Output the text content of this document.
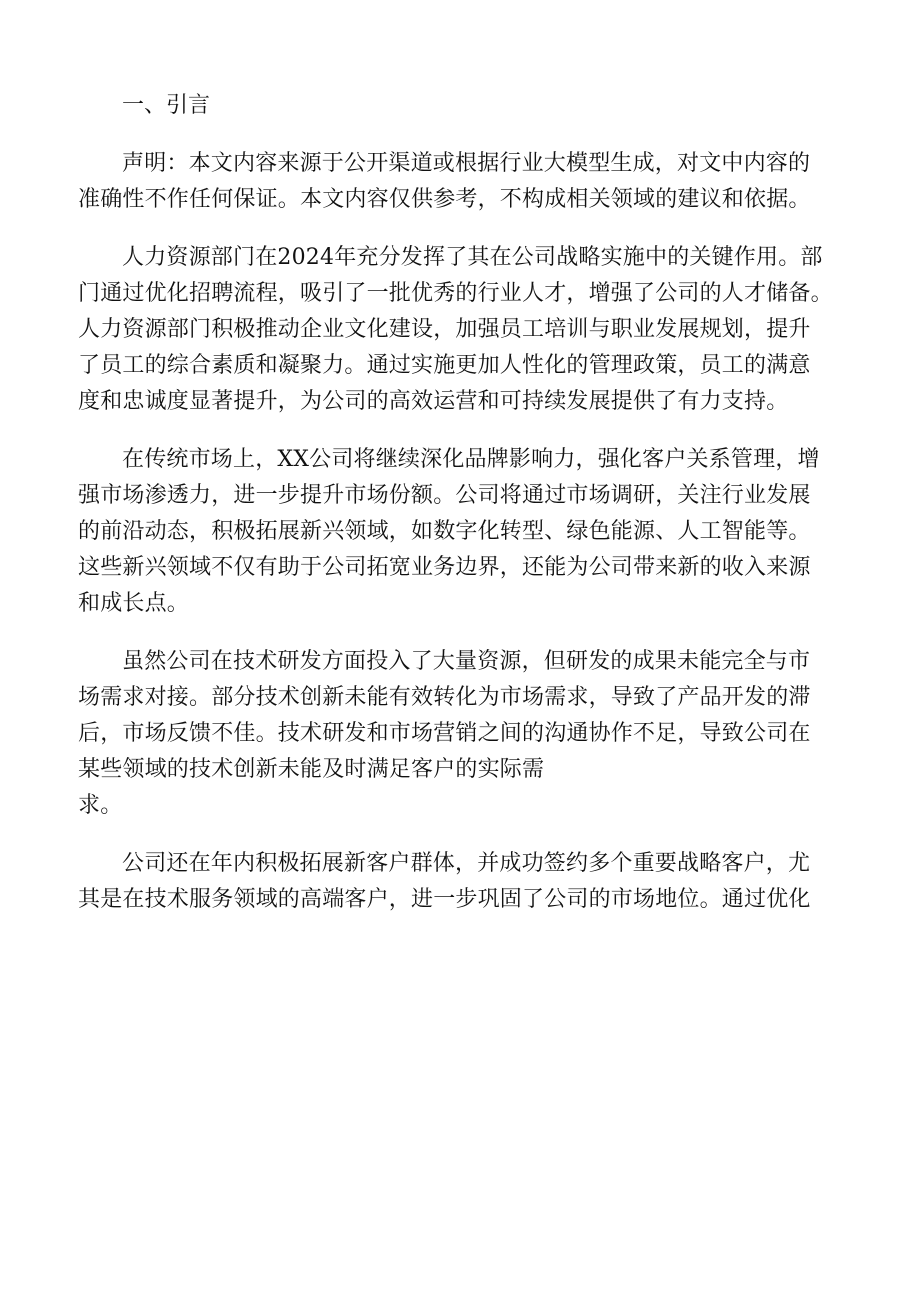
一、引言
声明：本文内容来源于公开渠道或根据行业大模型生成，对文中内容的
准确性不作任何保证。本文内容仅供参考，不构成相关领域的建议和依据。
人力资源部门在2024年充分发挥了其在公司战略实施中的关键作用。部
门通过优化招聘流程，吸引了一批优秀的行业人才，增强了公司的人才储备。
人力资源部门积极推动企业文化建设，加强员工培训与职业发展规划，提升
了员工的综合素质和凝聚力。通过实施更加人性化的管理政策，员工的满意
度和忠诚度显著提升，为公司的高效运营和可持续发展提供了有力支持。
在传统市场上，XX公司将继续深化品牌影响力，强化客户关系管理，增
强市场渗透力，进一步提升市场份额。公司将通过市场调研，关注行业发展
的前沿动态，积极拓展新兴领域，如数字化转型、绿色能源、人工智能等。
这些新兴领域不仅有助于公司拓宽业务边界，还能为公司带来新的收入来源
和成长点。
虽然公司在技术研发方面投入了大量资源，但研发的成果未能完全与市
场需求对接。部分技术创新未能有效转化为市场需求，导致了产品开发的滞
后，市场反馈不佳。技术研发和市场营销之间的沟通协作不足，导致公司在
某些领域的技术创新未能及时满足客户的实际需
求。
公司还在年内积极拓展新客户群体，并成功签约多个重要战略客户，尤
其是在技术服务领域的高端客户，进一步巩固了公司的市场地位。通过优化
